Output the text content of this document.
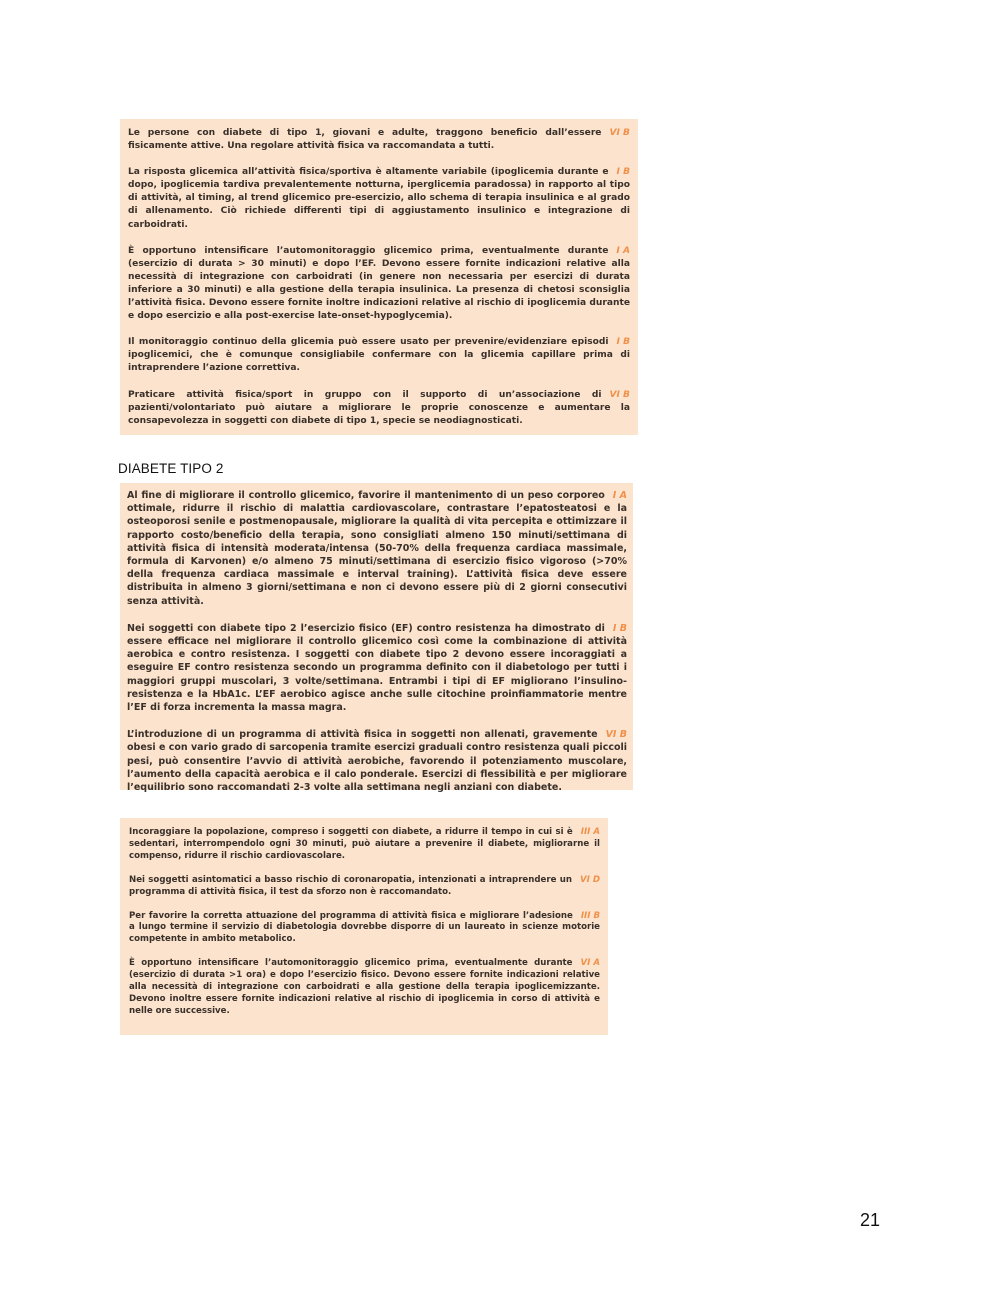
VI B
Le persone con diabete di tipo 1, giovani e adulte, traggono beneficio dall’essere fisicamente attive. Una regolare attività fisica va raccomandata a tutti.

I B
La risposta glicemica all’attività fisica/sportiva è altamente variabile (ipoglicemia durante e dopo, ipoglicemia tardiva prevalentemente notturna, iperglicemia paradossa) in rapporto al tipo di attività, al timing, al trend glicemico pre-esercizio, allo schema di terapia insulinica e al grado di allenamento. Ciò richiede differenti tipi di aggiustamento insulinico e integrazione di carboidrati.

I A
È opportuno intensificare l’automonitoraggio glicemico prima, eventualmente durante (esercizio di durata > 30 minuti) e dopo l’EF. Devono essere fornite indicazioni relative alla necessità di integrazione con carboidrati (in genere non necessaria per esercizi di durata inferiore a 30 minuti) e alla gestione della terapia insulinica. La presenza di chetosi sconsiglia l’attività fisica. Devono essere fornite inoltre indicazioni relative al rischio di ipoglicemia durante e dopo esercizio e alla post-exercise late-onset-hypoglycemia).

I B
Il monitoraggio continuo della glicemia può essere usato per prevenire/evidenziare episodi ipoglicemici, che è comunque consigliabile confermare con la glicemia capillare prima di intraprendere l’azione correttiva.

VI B
Praticare attività fisica/sport in gruppo con il supporto di un’associazione di pazienti/volontariato può aiutare a migliorare le proprie conoscenze e aumentare la consapevolezza in soggetti con diabete di tipo 1, specie se neodiagnosticati.

DIABETE TIPO 2

I A
Al fine di migliorare il controllo glicemico, favorire il mantenimento di un peso corporeo ottimale, ridurre il rischio di malattia cardiovascolare, contrastare l’epatosteatosi e la osteoporosi senile e postmenopausale, migliorare la qualità di vita percepita e ottimizzare il rapporto costo/beneficio della terapia, sono consigliati almeno 150 minuti/settimana di attività fisica di intensità moderata/intensa (50-70% della frequenza cardiaca massimale, formula di Karvonen) e/o almeno 75 minuti/settimana di esercizio fisico vigoroso (>70% della frequenza cardiaca massimale e interval training). L’attività fisica deve essere distribuita in almeno 3 giorni/settimana e non ci devono essere più di 2 giorni consecutivi senza attività.

I B
Nei soggetti con diabete tipo 2 l’esercizio fisico (EF) contro resistenza ha dimostrato di essere efficace nel migliorare il controllo glicemico così come la combinazione di attività aerobica e contro resistenza. I soggetti con diabete tipo 2 devono essere incoraggiati a eseguire EF contro resistenza secondo un programma definito con il diabetologo per tutti i maggiori gruppi muscolari, 3 volte/settimana. Entrambi i tipi di EF migliorano l’insulino-resistenza e la HbA1c. L’EF aerobico agisce anche sulle citochine proinfiammatorie mentre l’EF di forza incrementa la massa magra.

VI B
L’introduzione di un programma di attività fisica in soggetti non allenati, gravemente obesi e con vario grado di sarcopenia tramite esercizi graduali contro resistenza quali piccoli pesi, può consentire l’avvio di attività aerobiche, favorendo il potenziamento muscolare, l’aumento della capacità aerobica e il calo ponderale. Esercizi di flessibilità e per migliorare l’equilibrio sono raccomandati 2-3 volte alla settimana negli anziani con diabete.

III A
Incoraggiare la popolazione, compreso i soggetti con diabete, a ridurre il tempo in cui si è sedentari, interrompendolo ogni 30 minuti, può aiutare a prevenire il diabete, migliorarne il compenso, ridurre il rischio cardiovascolare.

VI D
Nei soggetti asintomatici a basso rischio di coronaropatia, intenzionati a intraprendere un programma di attività fisica, il test da sforzo non è raccomandato.

III B
Per favorire la corretta attuazione del programma di attività fisica e migliorare l’adesione a lungo termine il servizio di diabetologia dovrebbe disporre di un laureato in scienze motorie competente in ambito metabolico.

VI A
È opportuno intensificare l’automonitoraggio glicemico prima, eventualmente durante (esercizio di durata >1 ora) e dopo l’esercizio fisico. Devono essere fornite indicazioni relative alla necessità di integrazione con carboidrati e alla gestione della terapia ipoglicemizzante. Devono inoltre essere fornite indicazioni relative al rischio di ipoglicemia in corso di attività e nelle ore successive.

21
